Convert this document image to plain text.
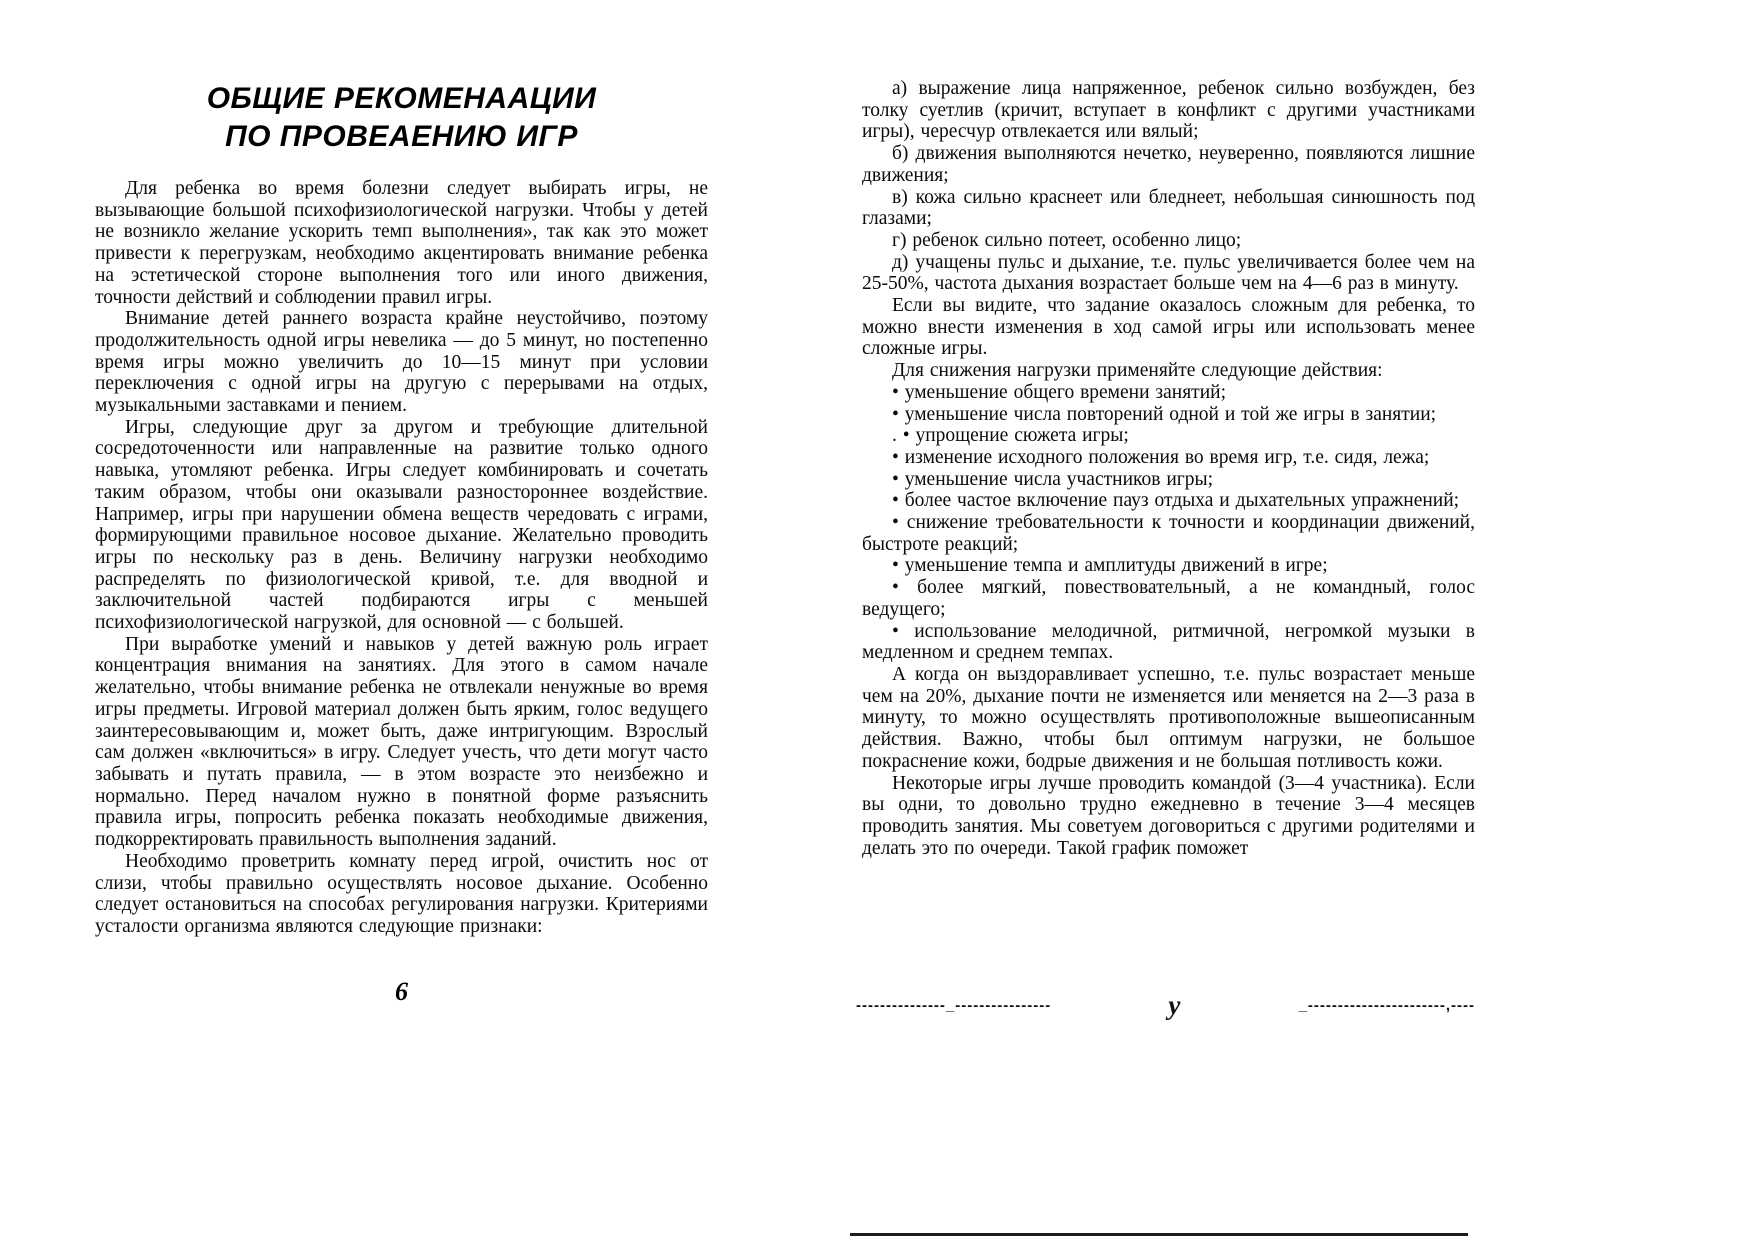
ОБЩИЕ РЕКОМЕНААЦИИ
ПО ПРОВЕАЕНИЮ ИГР

Для ребенка во время болезни следует выбирать игры, не вызывающие большой психофизиологической нагрузки. Чтобы у детей не возникло желание ускорить темп выполнения», так как это может привести к перегрузкам, необходимо акцентировать внимание ребенка на эстетической стороне выполнения того или иного движения, точности действий и соблюдении правил игры.

Внимание детей раннего возраста крайне неустойчиво, поэтому продолжительность одной игры невелика — до 5 минут, но постепенно время игры можно увеличить до 10—15 минут при условии переключения с одной игры на другую с перерывами на отдых, музыкальными заставками и пением.

Игры, следующие друг за другом и требующие длительной сосредоточенности или направленные на развитие только одного навыка, утомляют ребенка. Игры следует комбинировать и сочетать таким образом, чтобы они оказывали разностороннее воздействие. Например, игры при нарушении обмена веществ чередовать с играми, формирующими правильное носовое дыхание. Желательно проводить игры по нескольку раз в день. Величину нагрузки необходимо распределять по физиологической кривой, т.е. для вводной и заключительной частей подбираются игры с меньшей психофизиологической нагрузкой, для основной — с большей.

При выработке умений и навыков у детей важную роль играет концентрация внимания на занятиях. Для этого в самом начале желательно, чтобы внимание ребенка не отвлекали ненужные во время игры предметы. Игровой материал должен быть ярким, голос ведущего заинтересовывающим и, может быть, даже интригующим. Взрослый сам должен «включиться» в игру. Следует учесть, что дети могут часто забывать и путать правила, — в этом возрасте это неизбежно и нормально. Перед началом нужно в понятной форме разъяснить правила игры, попросить ребенка показать необходимые движения, подкорректировать правильность выполнения заданий.

Необходимо проветрить комнату перед игрой, очистить нос от слизи, чтобы правильно осуществлять носовое дыхание. Особенно следует остановиться на способах регулирования нагрузки. Критериями усталости организма являются следующие признаки:

6

а) выражение лица напряженное, ребенок сильно возбужден, без толку суетлив (кричит, вступает в конфликт с другими участниками игры), чересчур отвлекается или вялый;

б) движения выполняются нечетко, неуверенно, появляются лишние движения;

в) кожа сильно краснеет или бледнеет, небольшая синюшность под глазами;

г) ребенок сильно потеет, особенно лицо;

д) учащены пульс и дыхание, т.е. пульс увеличивается более чем на 25-50%, частота дыхания возрастает больше чем на 4—6 раз в минуту.

Если вы видите, что задание оказалось сложным для ребенка, то можно внести изменения в ход самой игры или использовать менее сложные игры.

Для снижения нагрузки применяйте следующие действия:

• уменьшение общего времени занятий;

• уменьшение числа повторений одной и той же игры в занятии;

. • упрощение сюжета игры;

• изменение исходного положения во время игр, т.е. сидя, лежа;

• уменьшение числа участников игры;

• более частое включение пауз отдыха и дыхательных упражнений;

• снижение требовательности к точности и координации движений, быстроте реакций;

• уменьшение темпа и амплитуды движений в игре;

• более мягкий, повествовательный, а не командный, голос ведущего;

• использование мелодичной, ритмичной, негромкой музыки в медленном и среднем темпах.

А когда он выздоравливает успешно, т.е. пульс возрастает меньше чем на 20%, дыхание почти не изменяется или меняется на 2—3 раза в минуту, то можно осуществлять противоположные вышеописанным действия. Важно, чтобы был оптимум нагрузки, не большое покраснение кожи, бодрые движения и не большая потливость кожи.

Некоторые игры лучше проводить командой (3—4 участника). Если вы одни, то довольно трудно ежедневно в течение 3—4 месяцев проводить занятия. Мы советуем договориться с другими родителями и делать это по очереди. Такой график поможет

---------------_----------------	у	_-----------------------,----
